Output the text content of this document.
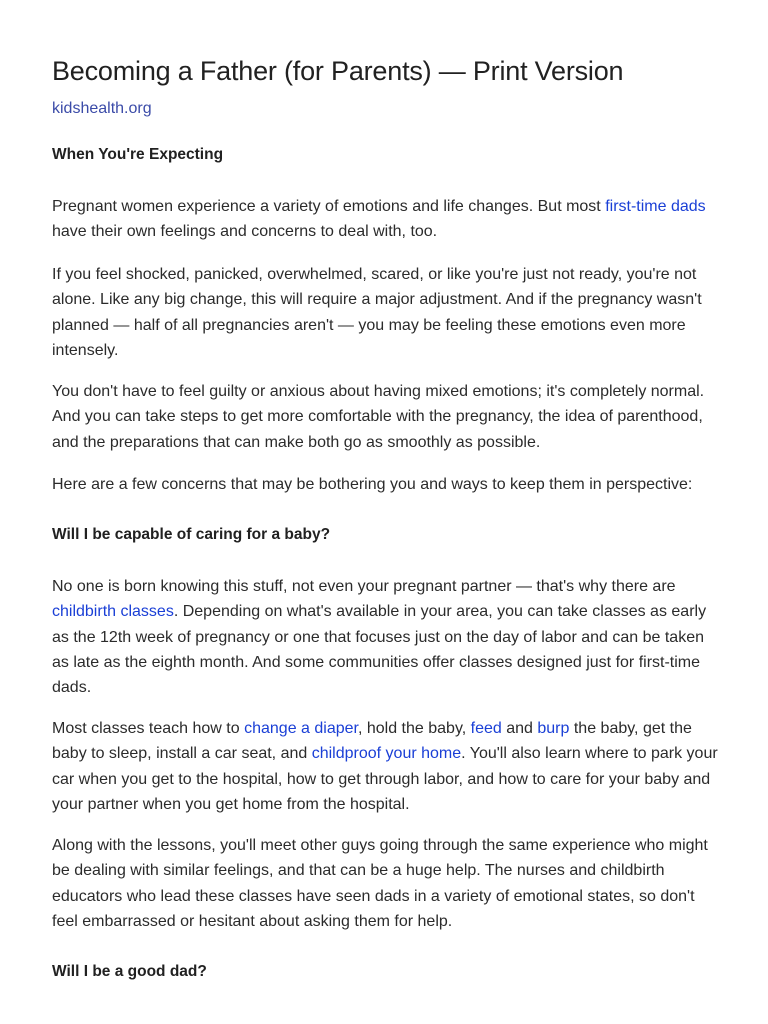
Becoming a Father (for Parents) — Print Version
kidshealth.org
When You're Expecting

Pregnant women experience a variety of emotions and life changes. But most first-time dads have their own feelings and concerns to deal with, too.

If you feel shocked, panicked, overwhelmed, scared, or like you're just not ready, you're not alone. Like any big change, this will require a major adjustment. And if the pregnancy wasn't planned — half of all pregnancies aren't — you may be feeling these emotions even more intensely.

You don't have to feel guilty or anxious about having mixed emotions; it's completely normal. And you can take steps to get more comfortable with the pregnancy, the idea of parenthood, and the preparations that can make both go as smoothly as possible.

Here are a few concerns that may be bothering you and ways to keep them in perspective:

Will I be capable of caring for a baby?

No one is born knowing this stuff, not even your pregnant partner — that's why there are childbirth classes. Depending on what's available in your area, you can take classes as early as the 12th week of pregnancy or one that focuses just on the day of labor and can be taken as late as the eighth month. And some communities offer classes designed just for first-time dads.

Most classes teach how to change a diaper, hold the baby, feed and burp the baby, get the baby to sleep, install a car seat, and childproof your home. You'll also learn where to park your car when you get to the hospital, how to get through labor, and how to care for your baby and your partner when you get home from the hospital.

Along with the lessons, you'll meet other guys going through the same experience who might be dealing with similar feelings, and that can be a huge help. The nurses and childbirth educators who lead these classes have seen dads in a variety of emotional states, so don't feel embarrassed or hesitant about asking them for help.

Will I be a good dad?
